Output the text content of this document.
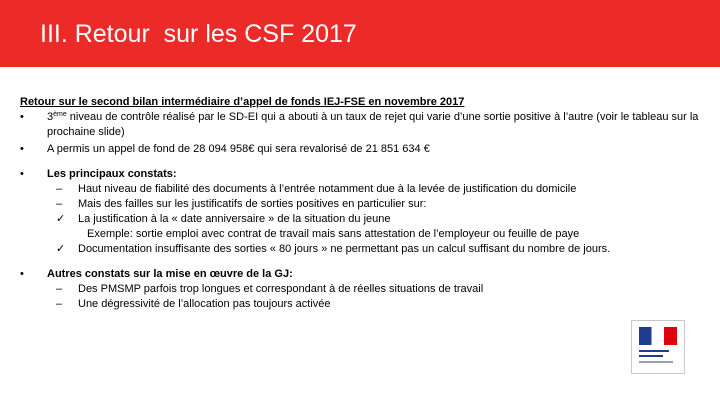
III. Retour  sur les CSF 2017
Retour sur le second bilan intermédiaire d’appel de fonds IEJ-FSE en novembre 2017
• 3ème niveau de contrôle réalisé par le SD-EI qui a abouti à un taux de rejet qui varie d’une sortie positive à l’autre (voir le tableau sur la prochaine slide)
• A permis un appel de fond de 28 094 958€ qui sera revalorisé de 21 851 634 €
• Les principaux constats:
– Haut niveau de fiabilité des documents à l’entrée notamment due à la levée de justification du domicile
– Mais des failles sur les justificatifs de sorties positives en particulier sur:
✓ La justification à la « date anniversaire » de la situation du jeune
Exemple: sortie emploi avec contrat de travail mais sans attestation de l’employeur ou feuille de paye
✓ Documentation insuffisante des sorties « 80 jours » ne permettant pas un calcul suffisant du nombre de jours.
• Autres constats sur la mise en œuvre de la GJ:
– Des PMSMP parfois trop longues et correspondant à de réelles situations de travail
– Une dégressivité de l’allocation pas toujours activée
